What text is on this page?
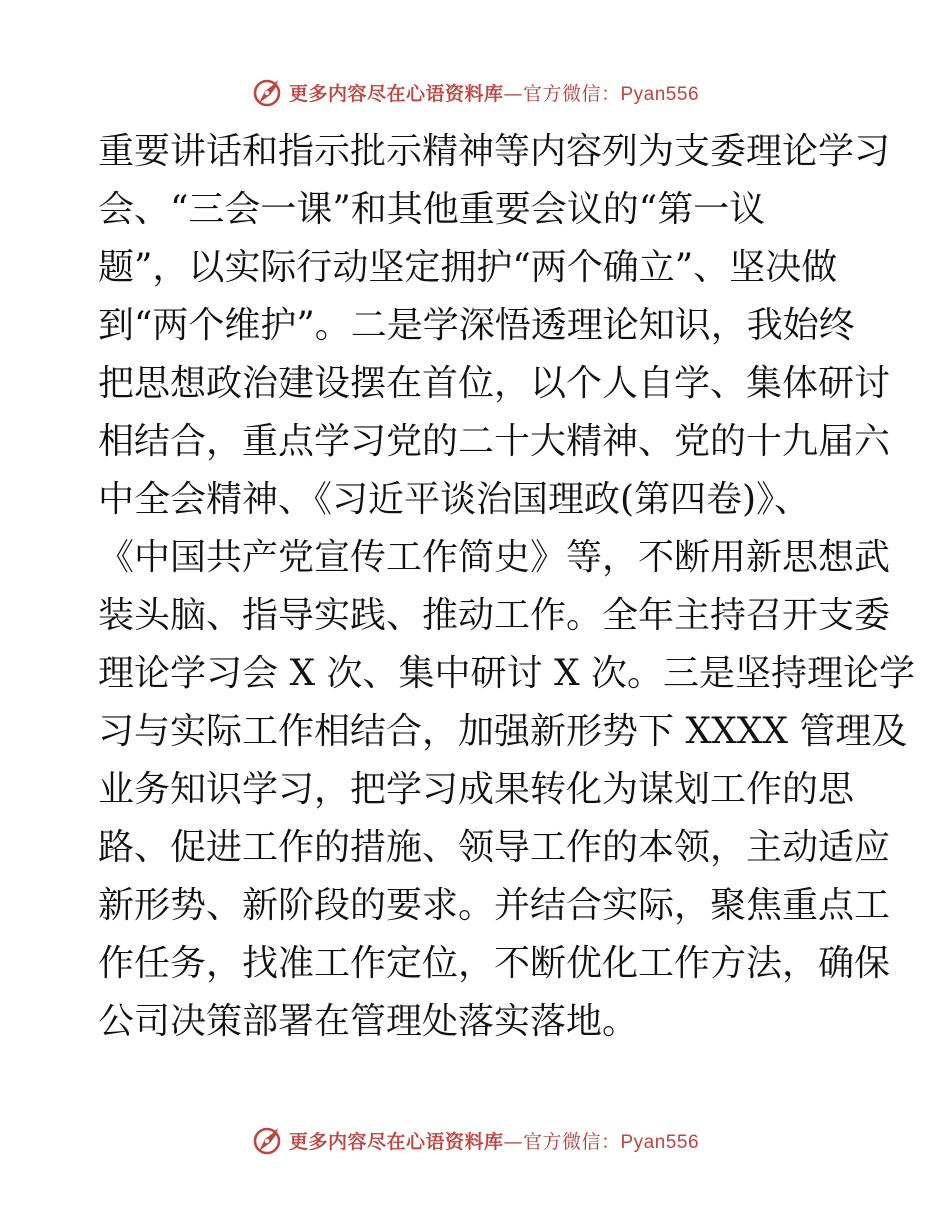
更多内容尽在心语资料库 — 官方微信： Pyan556
重要讲话和指示批示精神等内容列为支委理论学习
会、“三会一课”和其他重要会议的“第一议
题”，以实际行动坚定拥护“两个确立”、坚决做
到“两个维护”。二是学深悟透理论知识，我始终
把思想政治建设摆在首位，以个人自学、集体研讨
相结合，重点学习党的二十大精神、党的十九届六
中全会精神、《习近平谈治国理政(第四卷)》、
《中国共产党宣传工作简史》等，不断用新思想武
装头脑、指导实践、推动工作。全年主持召开支委
理论学习会 X 次、集中研讨 X 次。三是坚持理论学
习与实际工作相结合，加强新形势下 XXXX 管理及
业务知识学习，把学习成果转化为谋划工作的思
路、促进工作的措施、领导工作的本领，主动适应
新形势、新阶段的要求。并结合实际，聚焦重点工
作任务，找准工作定位，不断优化工作方法，确保
公司决策部署在管理处落实落地。
更多内容尽在心语资料库 — 官方微信： Pyan556
